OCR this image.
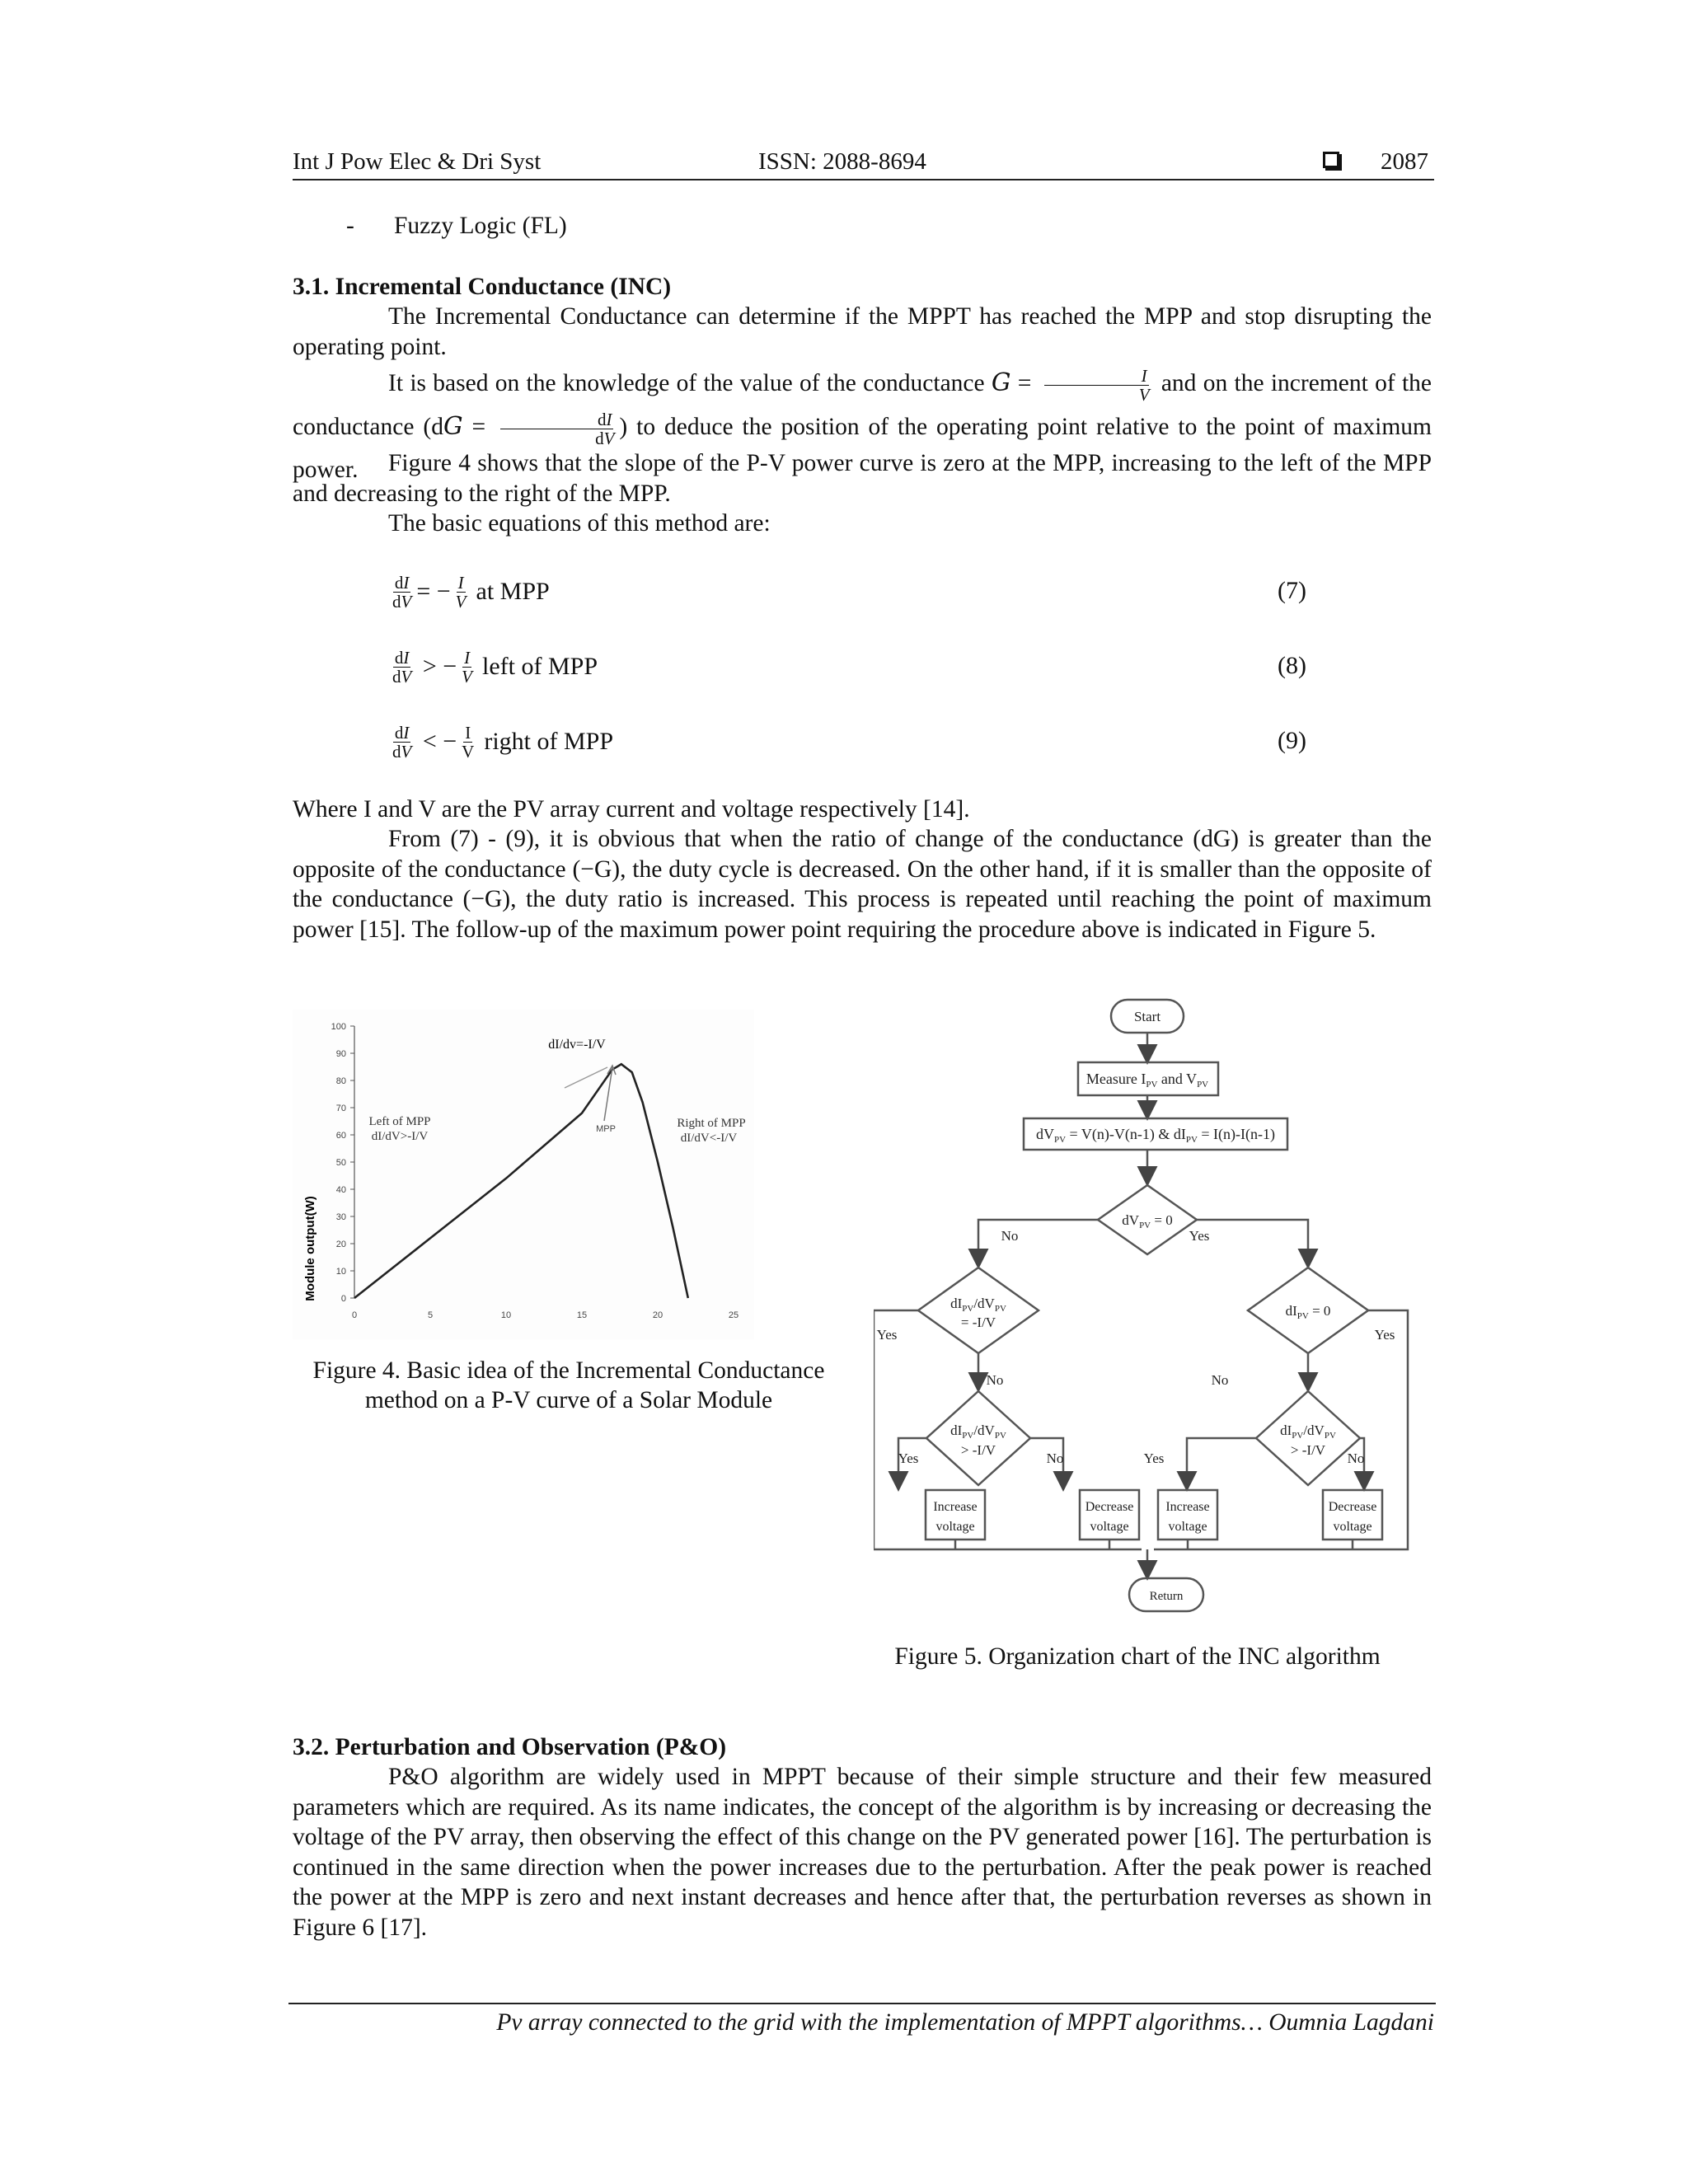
Int J Pow Elec & Dri Syst	ISSN: 2088-8694	2087
- Fuzzy Logic (FL)
3.1. Incremental Conductance (INC)
The Incremental Conductance can determine if the MPPT has reached the MPP and stop disrupting the operating point.
It is based on the knowledge of the value of the conductance $G = \frac{I}{V}$ and on the increment of the conductance ($dG = \frac{dI}{dV}$ ) to deduce the position of the operating point relative to the point of maximum power.	Figure 4 shows that the slope of the P-V power curve is zero at the MPP, increasing to the left of the MPP and decreasing to the right of the MPP.
The basic equations of this method are:
$\frac{dI}{dV}$ = − $\frac{I}{V}$ at MPP	(7)
$\frac{dI}{dV}$ > − $\frac{I}{V}$ left of MPP	(8)
$\frac{dI}{dV}$ < − $\frac{I}{V}$ right of MPP	(9)
Where I and V are the PV array current and voltage respectively [14].
From (7) - (9), it is obvious that when the ratio of change of the conductance (dG) is greater than the opposite of the conductance (−G), the duty cycle is decreased. On the other hand, if it is smaller than the opposite of the conductance (−G), the duty ratio is increased. This process is repeated until reaching the point of maximum power [15]. The follow-up of the maximum power point requiring the procedure above is indicated in Figure 5.
0
10
20
30
40
50
60
70
80
90
100
0	5	10	15	20	25
Module output(W)
dI/dv=-I/V
MPP
Left of MPP
dI/dV>-I/V
Right of MPP
dI/dV<-I/V
Figure 4. Basic idea of the Incremental Conductance
method on a P-V curve of a Solar Module
Start
Measure $I_{PV}$ and $V_{PV}$
$dV_{PV} = V(n)-V(n-1)$ & $dI_{PV} = I(n)-I(n-1)$
$dV_{PV} = 0$
$dI_{PV}/dV_{PV}$
= -I/V
$dI_{PV} = 0$
$dI_{PV}/dV_{PV}$
> -I/V
$dI_{PV}/dV_{PV}$
> -I/V
Increase
voltage
Decrease
voltage
Increase
voltage
Decrease
voltage
Return
No	Yes
Yes
No
Yes
No
Yes	No	Yes	No
Figure 5. Organization chart of the INC algorithm
3.2. Perturbation and Observation (P&O)
P&O algorithm are widely used in MPPT because of their simple structure and their few measured parameters which are required. As its name indicates, the concept of the algorithm is by increasing or decreasing the voltage of the PV array, then observing the effect of this change on the PV generated power [16]. The perturbation is continued in the same direction when the power increases due to the perturbation. After the peak power is reached the power at the MPP is zero and next instant decreases and hence after that, the perturbation reverses as shown in Figure 6 [17].
Pv array connected to the grid with the implementation of MPPT algorithms… Oumnia Lagdani
